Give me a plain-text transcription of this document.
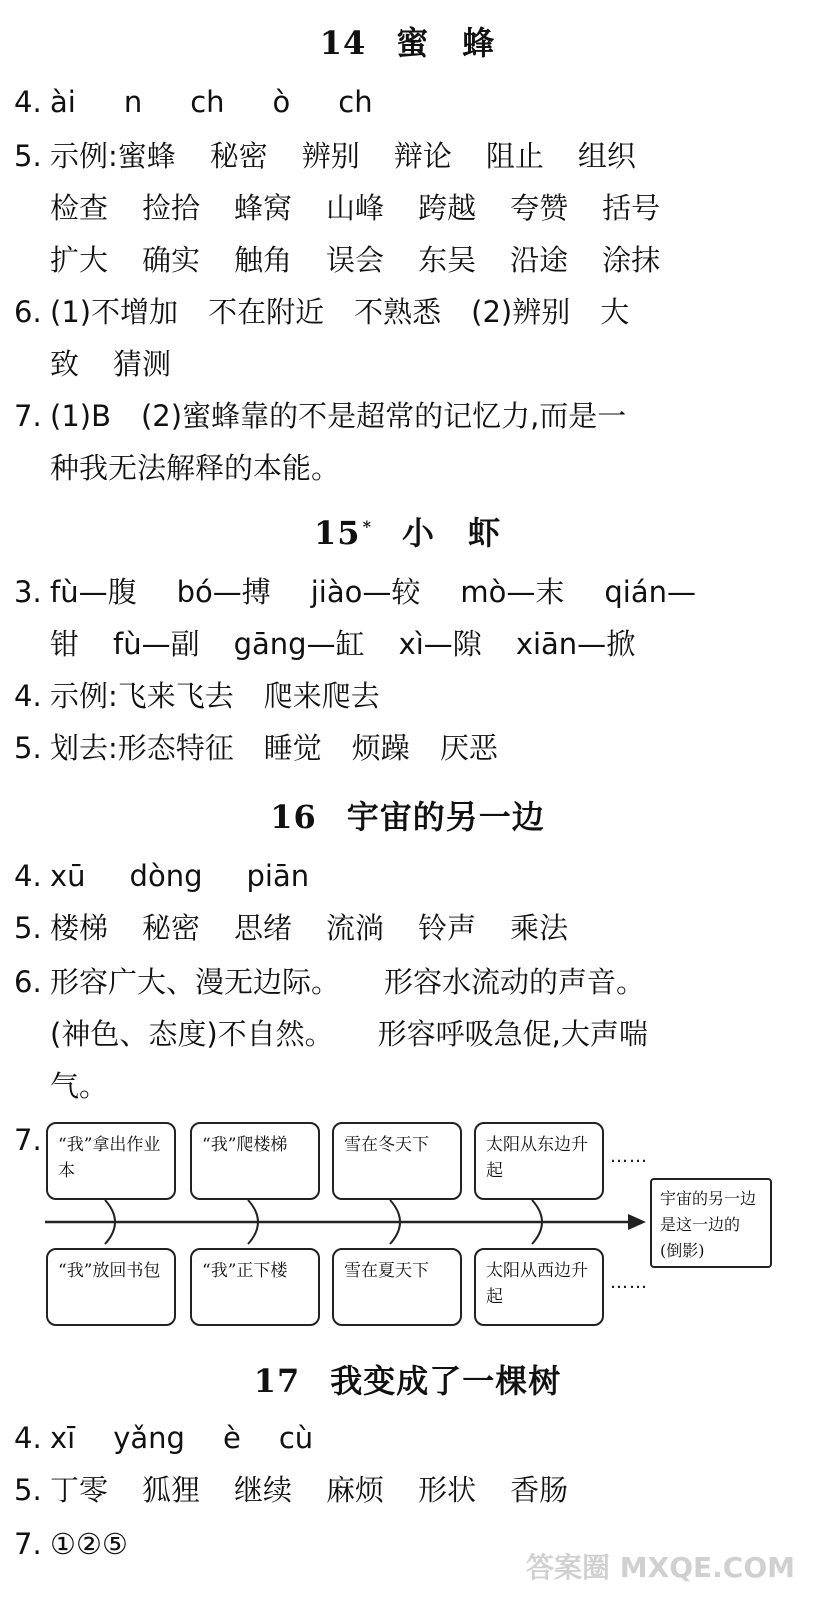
14 蜜　蜂
4. ài n ch ò ch
5. 示例:蜜蜂 秘密 辨别 辩论 阻止 组织
检查 捡拾 蜂窝 山峰 跨越 夸赞 括号
扩大 确实 触角 误会 东吴 沿途 涂抹
6. (1)不增加 不在附近 不熟悉 (2)辨别 大
致 猜测
7. (1)B (2)蜜蜂靠的不是超常的记忆力,而是一
种我无法解释的本能。
15 * 小　虾
3. fù—腹 bó—搏 jiào—较 mò—末 qián—
钳 fù—副 gāng—缸 xì—隙 xiān—掀
4. 示例:飞来飞去 爬来爬去
5. 划去:形态特征 睡觉 烦躁 厌恶
16 宇宙的另一边
4. xū dòng piān
5. 楼梯 秘密 思绪 流淌 铃声 乘法
6. 形容广大、漫无边际。 形容水流动的声音。
(神色、态度)不自然。 形容呼吸急促,大声喘
气。
7. “我”拿出作业本
“我”爬楼梯	雪在冬天下	太阳从东边升起
……
“我”放回书包	“我”正下楼	雪在夏天下	太阳从西边升起
……
宇宙的另一边是这一边的(倒影)
17 我变成了一棵树
4. xī yǎng è cù
5. 丁零 狐狸 继续 麻烦 形状 香肠
7. ①②⑤
答案圈 MXQE.COM
